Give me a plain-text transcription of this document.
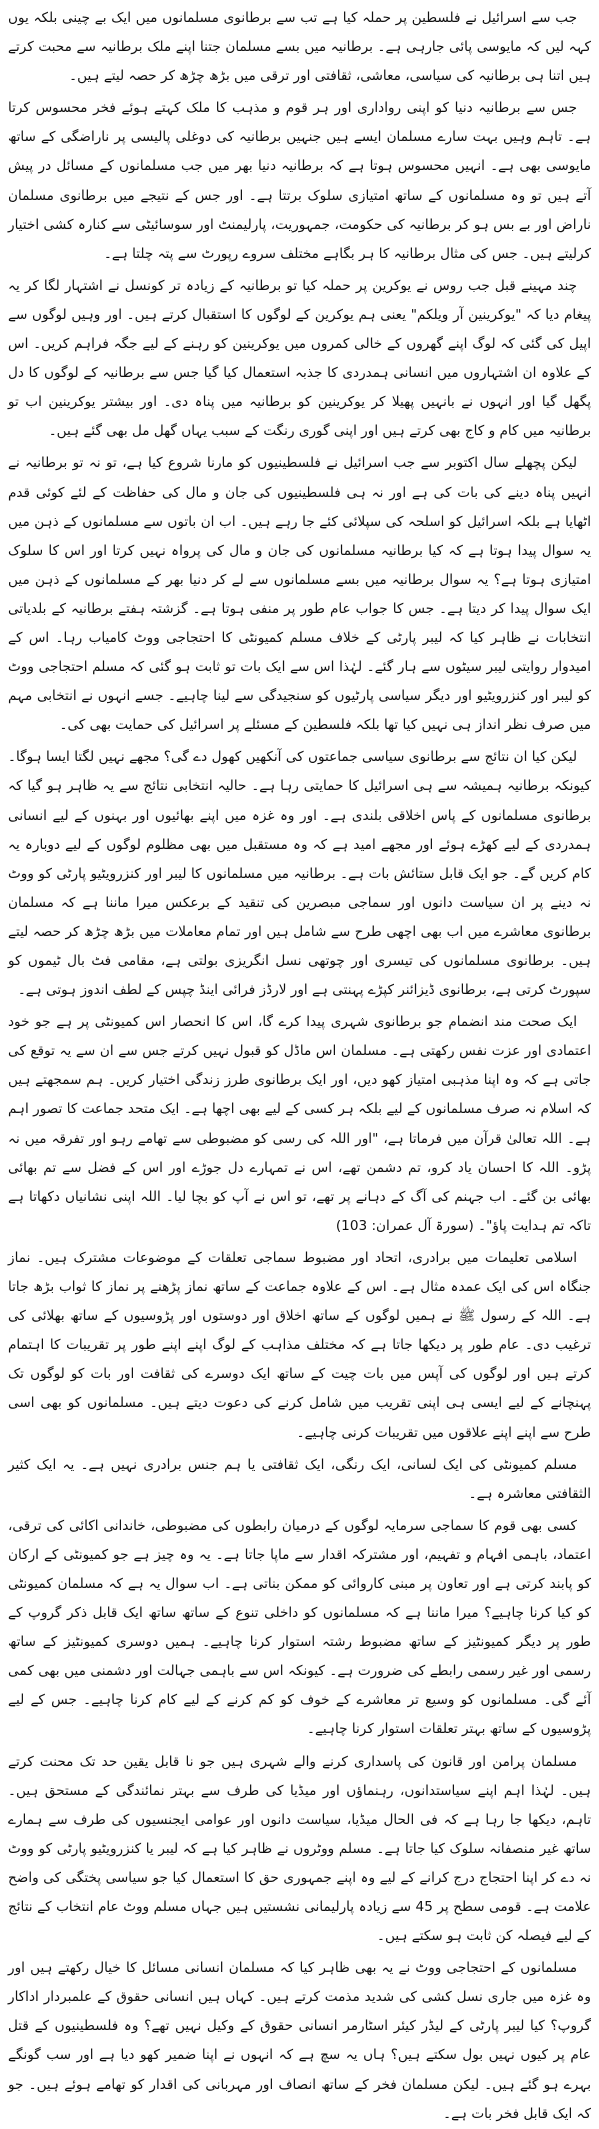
جب سے اسرائیل نے فلسطین پر حملہ کیا ہے تب سے برطانوی مسلمانوں میں ایک بے چینی بلکہ یوں کہہ لیں کہ مایوسی پائی جارہی ہے۔ برطانیہ میں بسے مسلمان جتنا اپنے ملک برطانیہ سے محبت کرتے ہیں اتنا ہی برطانیہ کی سیاسی، معاشی، ثقافتی اور ترقی میں بڑھ چڑھ کر حصہ لیتے ہیں۔

جس سے برطانیہ دنیا کو اپنی رواداری اور ہر قوم و مذہب کا ملک کہتے ہوئے فخر محسوس کرتا ہے۔ تاہم وہیں بہت سارے مسلمان ایسے ہیں جنہیں برطانیہ کی دوغلی پالیسی پر ناراضگی کے ساتھ مایوسی بھی ہے۔ انہیں محسوس ہوتا ہے کہ برطانیہ دنیا بھر میں جب مسلمانوں کے مسائل در پیش آتے ہیں تو وہ مسلمانوں کے ساتھ امتیازی سلوک برتتا ہے۔ اور جس کے نتیجے میں برطانوی مسلمان ناراض اور بے بس ہو کر برطانیہ کی حکومت، جمہوریت، پارلیمنٹ اور سوسائیٹی سے کنارہ کشی اختیار کرلیتے ہیں۔ جس کی مثال برطانیہ کا ہر بگاہے مختلف سروے رپورٹ سے پتہ چلتا ہے۔

چند مہینے قبل جب روس نے یوکرین پر حملہ کیا تو برطانیہ کے زیادہ تر کونسل نے اشتہار لگا کر یہ پیغام دیا کہ "یوکرینین آر ویلکم" یعنی ہم یوکرین کے لوگوں کا استقبال کرتے ہیں۔ اور وہیں لوگوں سے اپیل کی گئی کہ لوگ اپنے گھروں کے خالی کمروں میں یوکرینین کو رہنے کے لیے جگہ فراہم کریں۔ اس کے علاوہ ان اشتہاروں میں انسانی ہمدردی کا جذبہ استعمال کیا گیا جس سے برطانیہ کے لوگوں کا دل پگھل گیا اور انہوں نے بانہیں پھیلا کر یوکرینین کو برطانیہ میں پناہ دی۔ اور بیشتر یوکرینین اب تو برطانیہ میں کام و کاج بھی کرتے ہیں اور اپنی گوری رنگت کے سبب یہاں گھل مل بھی گئے ہیں۔

لیکن پچھلے سال اکتوبر سے جب اسرائیل نے فلسطینیوں کو مارنا شروع کیا ہے، تو نہ تو برطانیہ نے انہیں پناہ دینے کی بات کی ہے اور نہ ہی فلسطینیوں کی جان و مال کی حفاظت کے لئے کوئی قدم اٹھایا ہے بلکہ اسرائیل کو اسلحہ کی سپلائی کئے جا رہے ہیں۔ اب ان باتوں سے مسلمانوں کے ذہن میں یہ سوال پیدا ہوتا ہے کہ کیا برطانیہ مسلمانوں کی جان و مال کی پرواہ نہیں کرتا اور اس کا سلوک امتیازی ہوتا ہے؟ یہ سوال برطانیہ میں بسے مسلمانوں سے لے کر دنیا بھر کے مسلمانوں کے ذہن میں ایک سوال پیدا کر دیتا ہے۔ جس کا جواب عام طور پر منفی ہوتا ہے۔ گزشتہ ہفتے برطانیہ کے بلدیاتی انتخابات نے ظاہر کیا کہ لیبر پارٹی کے خلاف مسلم کمیونٹی کا احتجاجی ووٹ کامیاب رہا۔ اس کے امیدوار روایتی لیبر سیٹوں سے ہار گئے۔ لہٰذا اس سے ایک بات تو ثابت ہو گئی کہ مسلم احتجاجی ووٹ کو لیبر اور کنزرویٹیو اور دیگر سیاسی پارٹیوں کو سنجیدگی سے لینا چاہیے۔ جسے انہوں نے انتخابی مہم میں صرف نظر انداز ہی نہیں کیا تھا بلکہ فلسطین کے مسئلے پر اسرائیل کی حمایت بھی کی۔

لیکن کیا ان نتائج سے برطانوی سیاسی جماعتوں کی آنکھیں کھول دے گی؟ مجھے نہیں لگتا ایسا ہوگا۔ کیونکہ برطانیہ ہمیشہ سے ہی اسرائیل کا حمایتی رہا ہے۔ حالیہ انتخابی نتائج سے یہ ظاہر ہو گیا کہ برطانوی مسلمانوں کے پاس اخلاقی بلندی ہے۔ اور وہ غزہ میں اپنے بھائیوں اور بہنوں کے لیے انسانی ہمدردی کے لیے کھڑے ہوئے اور مجھے امید ہے کہ وہ مستقبل میں بھی مظلوم لوگوں کے لیے دوبارہ یہ کام کریں گے۔ جو ایک قابل ستائش بات ہے۔ برطانیہ میں مسلمانوں کا لیبر اور کنزرویٹیو پارٹی کو ووٹ نہ دینے پر ان سیاست دانوں اور سماجی مبصرین کی تنقید کے برعکس میرا ماننا ہے کہ مسلمان برطانوی معاشرے میں اب بھی اچھی طرح سے شامل ہیں اور تمام معاملات میں بڑھ چڑھ کر حصہ لیتے ہیں۔ برطانوی مسلمانوں کی تیسری اور چوتھی نسل انگریزی بولتی ہے، مقامی فٹ بال ٹیموں کو سپورٹ کرتی ہے، برطانوی ڈیزائنر کپڑے پہنتی ہے اور لارڈز فرائی اینڈ چپس کے لطف اندوز ہوتی ہے۔

ایک صحت مند انضمام جو برطانوی شہری پیدا کرے گا، اس کا انحصار اس کمیونٹی پر ہے جو خود اعتمادی اور عزت نفس رکھتی ہے۔ مسلمان اس ماڈل کو قبول نہیں کرتے جس سے ان سے یہ توقع کی جاتی ہے کہ وہ اپنا مذہبی امتیاز کھو دیں، اور ایک برطانوی طرز زندگی اختیار کریں۔ ہم سمجھتے ہیں کہ اسلام نہ صرف مسلمانوں کے لیے بلکہ ہر کسی کے لیے بھی اچھا ہے۔ ایک متحد جماعت کا تصور اہم ہے۔ اللہ تعالیٰ قرآن میں فرماتا ہے، "اور اللہ کی رسی کو مضبوطی سے تھامے رہو اور تفرقہ میں نہ پڑو۔ اللہ کا احسان یاد کرو، تم دشمن تھے، اس نے تمہارے دل جوڑے اور اس کے فضل سے تم بھائی بھائی بن گئے۔ اب جہنم کی آگ کے دہانے پر تھے، تو اس نے آپ کو بچا لیا۔ اللہ اپنی نشانیاں دکھاتا ہے تاکہ تم ہدایت پاؤ"۔ (سورۃ آل عمران: 103)

اسلامی تعلیمات میں برادری، اتحاد اور مضبوط سماجی تعلقات کے موضوعات مشترک ہیں۔ نماز جنگاہ اس کی ایک عمدہ مثال ہے۔ اس کے علاوہ جماعت کے ساتھ نماز پڑھنے پر نماز کا ثواب بڑھ جاتا ہے۔ اللہ کے رسول ﷺ نے ہمیں لوگوں کے ساتھ اخلاق اور دوستوں اور پڑوسیوں کے ساتھ بھلائی کی ترغیب دی۔ عام طور پر دیکھا جاتا ہے کہ مختلف مذاہب کے لوگ اپنے اپنے طور پر تقریبات کا اہتمام کرتے ہیں اور لوگوں کی آپس میں بات چیت کے ساتھ ایک دوسرے کی ثقافت اور بات کو لوگوں تک پہنچانے کے لیے ایسی ہی اپنی تقریب میں شامل کرنے کی دعوت دیتے ہیں۔ مسلمانوں کو بھی اسی طرح سے اپنے اپنے علاقوں میں تقریبات کرنی چاہیے۔

مسلم کمیونٹی کی ایک لسانی، ایک رنگی، ایک ثقافتی یا ہم جنس برادری نہیں ہے۔ یہ ایک کثیر الثقافتی معاشرہ ہے۔

کسی بھی قوم کا سماجی سرمایہ لوگوں کے درمیان رابطوں کی مضبوطی، خاندانی اکائی کی ترقی، اعتماد، باہمی افہام و تفہیم، اور مشترکہ اقدار سے ماپا جاتا ہے۔ یہ وہ چیز ہے جو کمیونٹی کے ارکان کو پابند کرتی ہے اور تعاون پر مبنی کاروائی کو ممکن بناتی ہے۔ اب سوال یہ ہے کہ مسلمان کمیونٹی کو کیا کرنا چاہیے؟ میرا ماننا ہے کہ مسلمانوں کو داخلی تنوع کے ساتھ ساتھ ایک قابل ذکر گروپ کے طور پر دیگر کمیونٹیز کے ساتھ مضبوط رشتہ استوار کرنا چاہیے۔ ہمیں دوسری کمیونٹیز کے ساتھ رسمی اور غیر رسمی رابطے کی ضرورت ہے۔ کیونکہ اس سے باہمی جہالت اور دشمنی میں بھی کمی آئے گی۔ مسلمانوں کو وسیع تر معاشرے کے خوف کو کم کرنے کے لیے کام کرنا چاہیے۔ جس کے لیے پڑوسیوں کے ساتھ بہتر تعلقات استوار کرنا چاہیے۔

مسلمان پرامن اور قانون کی پاسداری کرنے والے شہری ہیں جو نا قابل یقین حد تک محنت کرتے ہیں۔ لہٰذا اہم اپنے سیاستدانوں، رہنماؤں اور میڈیا کی طرف سے بہتر نمائندگی کے مستحق ہیں۔ تاہم، دیکھا جا رہا ہے کہ فی الحال میڈیا، سیاست دانوں اور عوامی ایجنسیوں کی طرف سے ہمارے ساتھ غیر منصفانہ سلوک کیا جاتا ہے۔ مسلم ووٹروں نے ظاہر کیا ہے کہ لیبر یا کنزرویٹیو پارٹی کو ووٹ نہ دے کر اپنا احتجاج درج کرانے کے لیے وہ اپنے جمہوری حق کا استعمال کیا جو سیاسی پختگی کی واضح علامت ہے۔ قومی سطح پر 45 سے زیادہ پارلیمانی نشستیں ہیں جہاں مسلم ووٹ عام انتخاب کے نتائج کے لیے فیصلہ کن ثابت ہو سکتے ہیں۔

مسلمانوں کے احتجاجی ووٹ نے یہ بھی ظاہر کیا کہ مسلمان انسانی مسائل کا خیال رکھتے ہیں اور وہ غزہ میں جاری نسل کشی کی شدید مذمت کرتے ہیں۔ کہاں ہیں انسانی حقوق کے علمبردار اداکار گروپ؟ کیا لیبر پارٹی کے لیڈر کیئر اسٹارمر انسانی حقوق کے وکیل نہیں تھے؟ وہ فلسطینیوں کے قتل عام پر کیوں نہیں بول سکتے ہیں؟ ہاں یہ سچ ہے کہ انہوں نے اپنا ضمیر کھو دیا ہے اور سب گونگے بہرے ہو گئے ہیں۔ لیکن مسلمان فخر کے ساتھ انصاف اور مہربانی کی اقدار کو تھامے ہوئے ہیں۔ جو کہ ایک قابل فخر بات ہے۔
